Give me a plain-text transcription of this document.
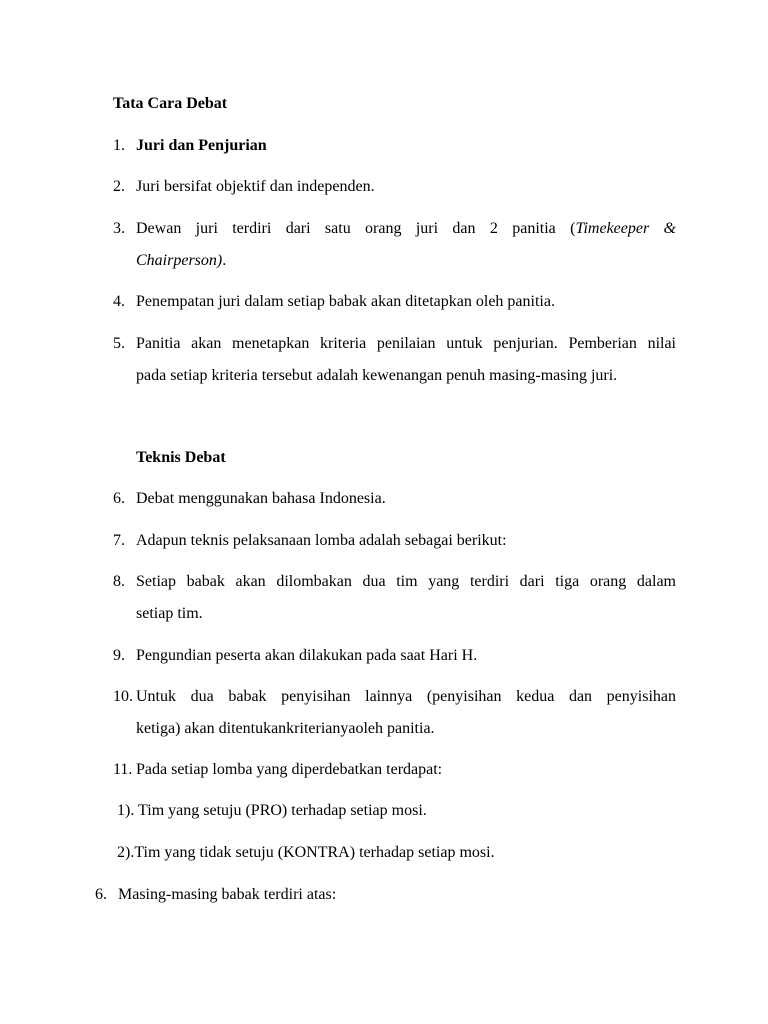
Tata Cara Debat
1. Juri dan Penjurian
2. Juri bersifat objektif dan independen.
3. Dewan juri terdiri dari satu orang juri dan 2 panitia (Timekeeper &
Chairperson).
4. Penempatan juri dalam setiap babak akan ditetapkan oleh panitia.
5. Panitia akan menetapkan kriteria penilaian untuk penjurian. Pemberian nilai
pada setiap kriteria tersebut adalah kewenangan penuh masing-masing juri.
Teknis Debat
6. Debat menggunakan bahasa Indonesia.
7. Adapun teknis pelaksanaan lomba adalah sebagai berikut:
8. Setiap babak akan dilombakan dua tim yang terdiri dari tiga orang dalam
setiap tim.
9. Pengundian peserta akan dilakukan pada saat Hari H.
10. Untuk dua babak penyisihan lainnya (penyisihan kedua dan penyisihan
ketiga) akan ditentukankriterianyaoleh panitia.
11. Pada setiap lomba yang diperdebatkan terdapat:
1). Tim yang setuju (PRO) terhadap setiap mosi.
2).Tim yang tidak setuju (KONTRA) terhadap setiap mosi.
6. Masing-masing babak terdiri atas:
